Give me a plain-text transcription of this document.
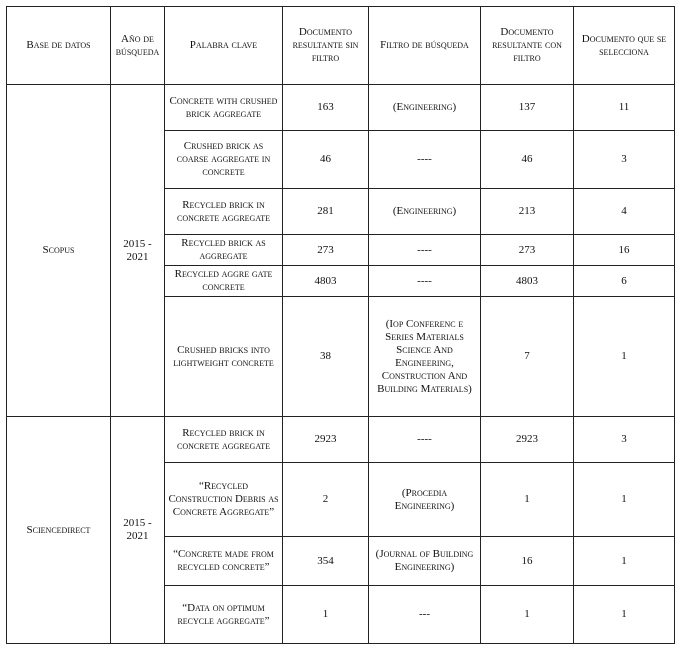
Base de datos	Año de búsqueda	Palabra clave	Documento resultante sin filtro	Filtro de búsqueda	Documento resultante con filtro	Documento que se selecciona
Scopus	2015 - 2021	Concrete with crushed brick aggregate	163	(Engineering)	137	11
		Crushed brick as coarse aggregate in concrete	46	----	46	3
		Recycled brick in concrete aggregate	281	(Engineering)	213	4
		Recycled brick as aggregate	273	----	273	16
		Recycled aggre gate concrete	4803	----	4803	6
		Crushed bricks into lightweight concrete	38	(Iop Conferenc e Series Materials Science And Engineering, Construction And Building Materials)	7	1
Sciencedirect	2015 - 2021	Recycled brick in concrete aggregate	2923	----	2923	3
		“Recycled Construction Debris as Concrete Aggregate”	2	(Procedia Engineering)	1	1
		“Concrete made from recycled concrete”	354	(Journal of Building Engineering)	16	1
		“Data on optimum recycle aggregate”	1	---	1	1
